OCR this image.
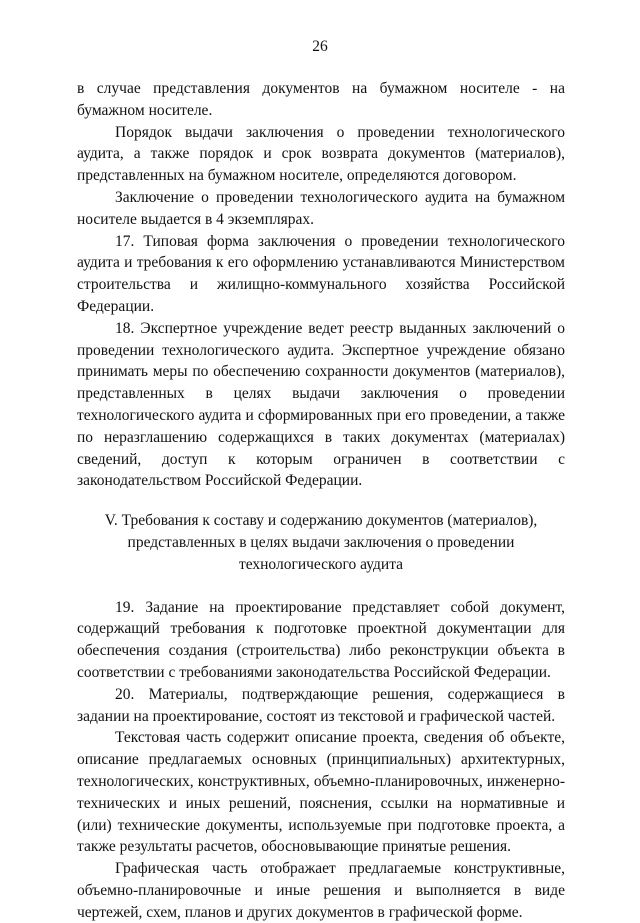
26

в случае представления документов на бумажном носителе - на бумажном носителе.

Порядок выдачи заключения о проведении технологического аудита, а также порядок и срок возврата документов (материалов), представленных на бумажном носителе, определяются договором.

Заключение о проведении технологического аудита на бумажном носителе выдается в 4 экземплярах.

17. Типовая форма заключения о проведении технологического аудита и требования к его оформлению устанавливаются Министерством строительства и жилищно-коммунального хозяйства Российской Федерации.

18. Экспертное учреждение ведет реестр выданных заключений о проведении технологического аудита. Экспертное учреждение обязано принимать меры по обеспечению сохранности документов (материалов), представленных в целях выдачи заключения о проведении технологического аудита и сформированных при его проведении, а также по неразглашению содержащихся в таких документах (материалах) сведений, доступ к которым ограничен в соответствии с законодательством Российской Федерации.

V. Требования к составу и содержанию документов (материалов),

представленных в целях выдачи заключения о проведении

технологического аудита

19. Задание на проектирование представляет собой документ, содержащий требования к подготовке проектной документации для обеспечения создания (строительства) либо реконструкции объекта в соответствии с требованиями законодательства Российской Федерации.

20. Материалы, подтверждающие решения, содержащиеся в задании на проектирование, состоят из текстовой и графической частей.

Текстовая часть содержит описание проекта, сведения об объекте, описание предлагаемых основных (принципиальных) архитектурных, технологических, конструктивных, объемно-планировочных, инженерно-технических и иных решений, пояснения, ссылки на нормативные и (или) технические документы, используемые при подготовке проекта, а также результаты расчетов, обосновывающие принятые решения.

Графическая часть отображает предлагаемые конструктивные, объемно-планировочные и иные решения и выполняется в виде чертежей, схем, планов и других документов в графической форме.
